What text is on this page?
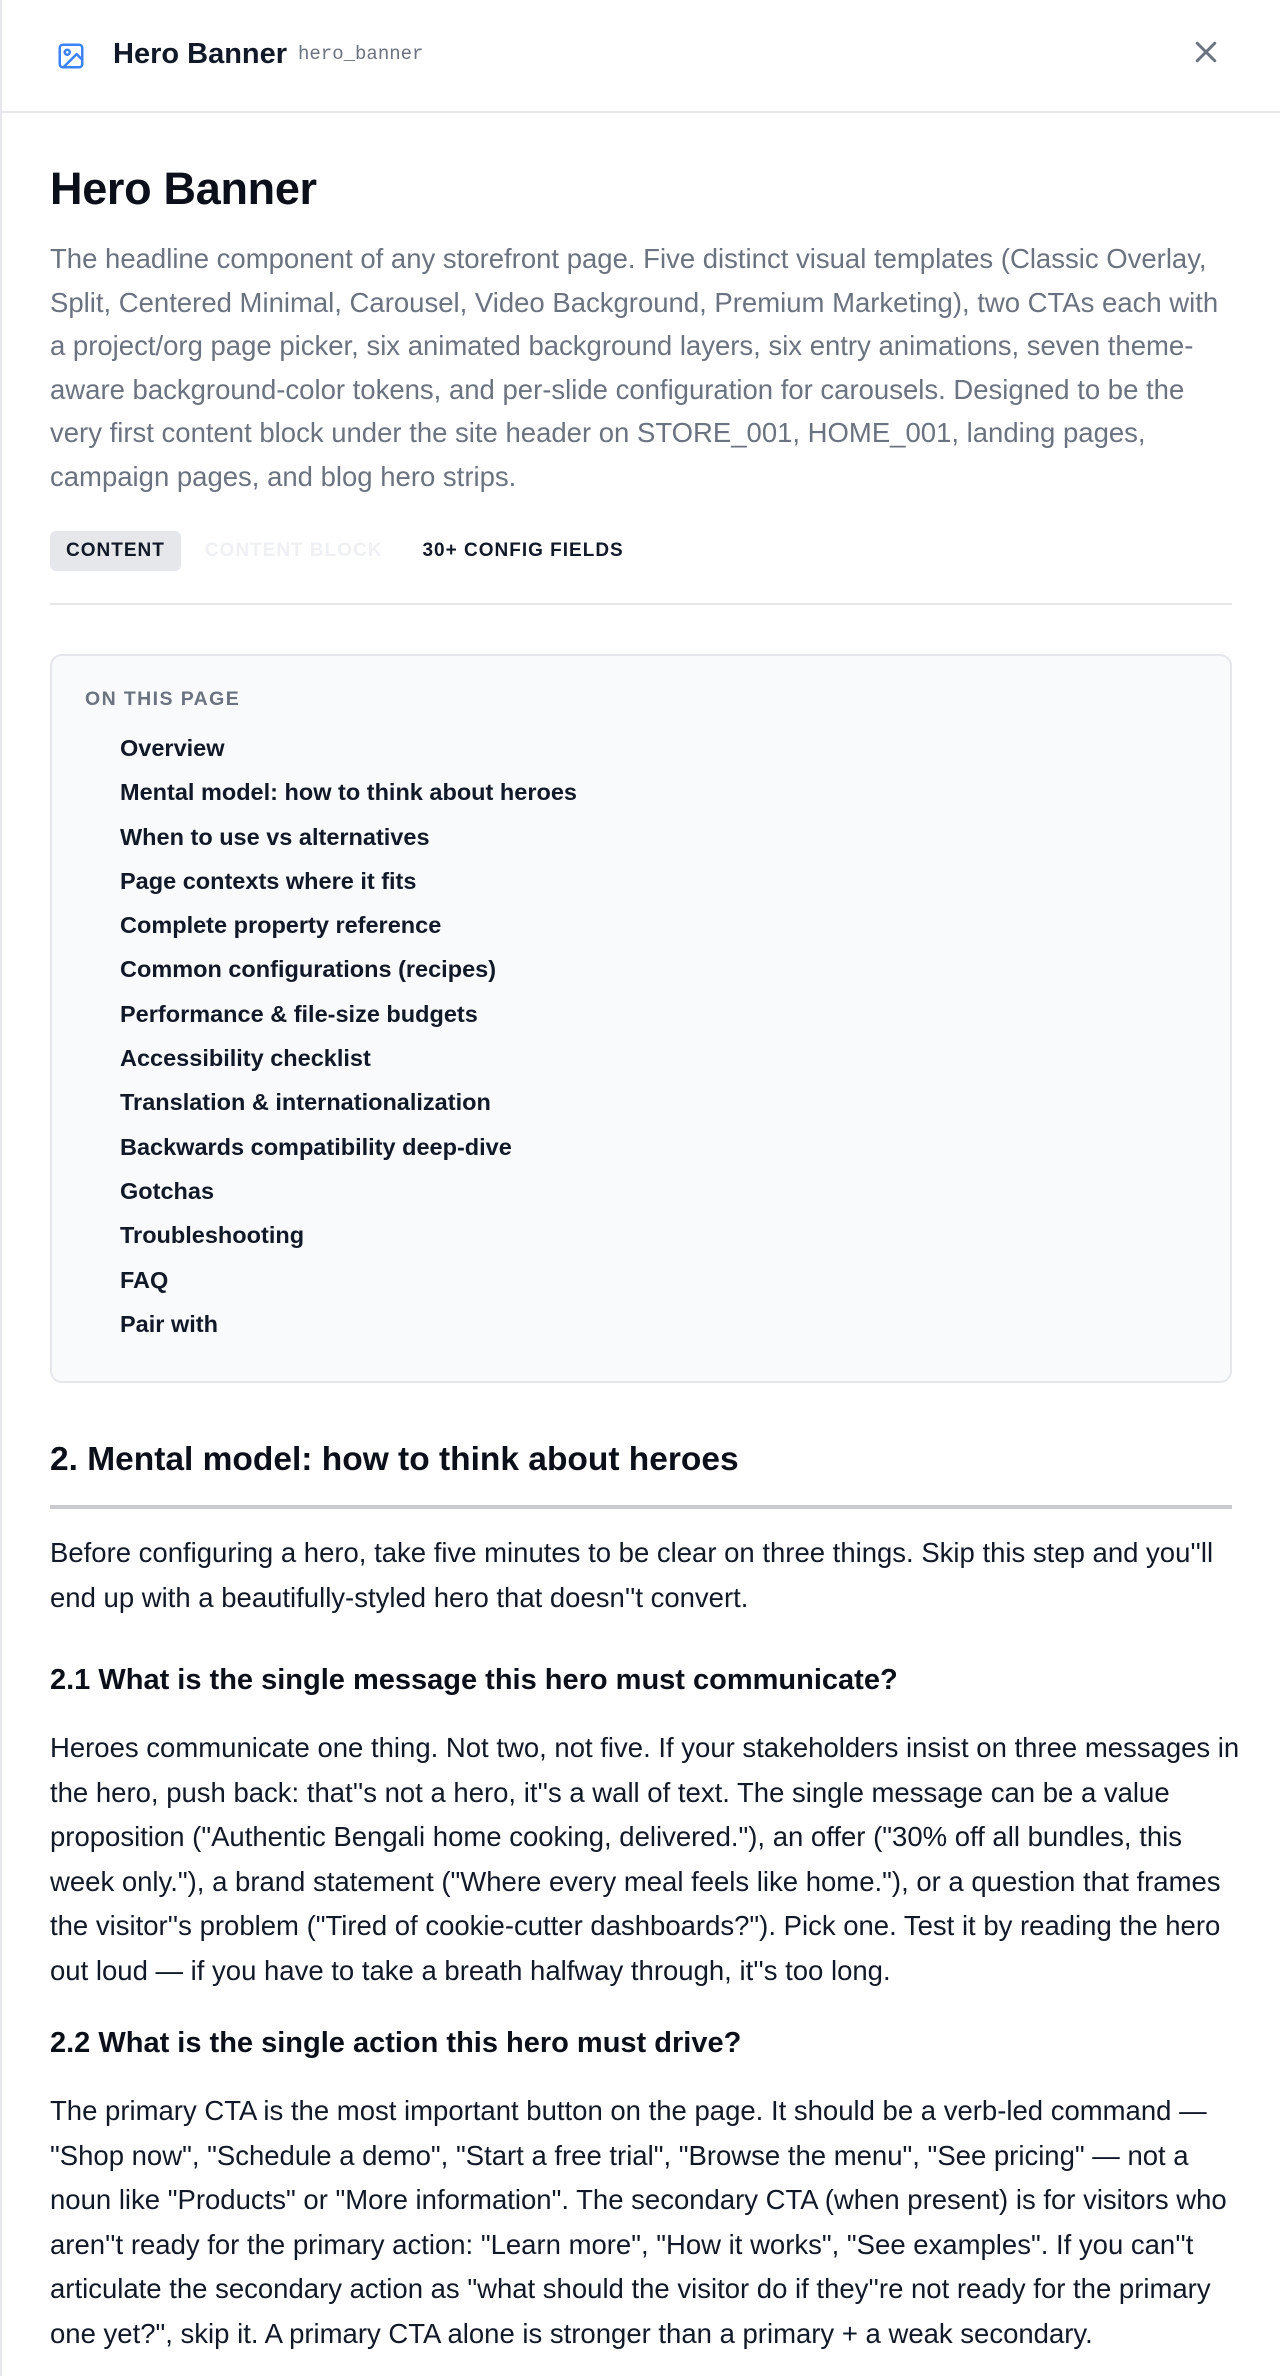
Hero Banner hero_banner
Hero Banner

The headline component of any storefront page. Five distinct visual templates (Classic Overlay, Split, Centered Minimal, Carousel, Video Background, Premium Marketing), two CTAs each with a project/org page picker, six animated background layers, six entry animations, seven theme-aware background-color tokens, and per-slide configuration for carousels. Designed to be the very first content block under the site header on STORE_001, HOME_001, landing pages, campaign pages, and blog hero strips.

CONTENT	CONTENT BLOCK	30+ CONFIG FIELDS
ON THIS PAGE
Overview
Mental model: how to think about heroes
When to use vs alternatives
Page contexts where it fits
Complete property reference
Common configurations (recipes)
Performance & file-size budgets
Accessibility checklist
Translation & internationalization
Backwards compatibility deep-dive
Gotchas
Troubleshooting
FAQ
Pair with
2. Mental model: how to think about heroes

Before configuring a hero, take five minutes to be clear on three things. Skip this step and you''ll end up with a beautifully-styled hero that doesn''t convert.

2.1 What is the single message this hero must communicate?

Heroes communicate one thing. Not two, not five. If your stakeholders insist on three messages in the hero, push back: that''s not a hero, it''s a wall of text. The single message can be a value proposition ("Authentic Bengali home cooking, delivered."), an offer ("30% off all bundles, this week only."), a brand statement ("Where every meal feels like home."), or a question that frames the visitor''s problem ("Tired of cookie-cutter dashboards?"). Pick one. Test it by reading the hero out loud — if you have to take a breath halfway through, it''s too long.

2.2 What is the single action this hero must drive?

The primary CTA is the most important button on the page. It should be a verb-led command — "Shop now", "Schedule a demo", "Start a free trial", "Browse the menu", "See pricing" — not a noun like "Products" or "More information". The secondary CTA (when present) is for visitors who aren''t ready for the primary action: "Learn more", "How it works", "See examples". If you can''t articulate the secondary action as "what should the visitor do if they''re not ready for the primary one yet?", skip it. A primary CTA alone is stronger than a primary + a weak secondary.
